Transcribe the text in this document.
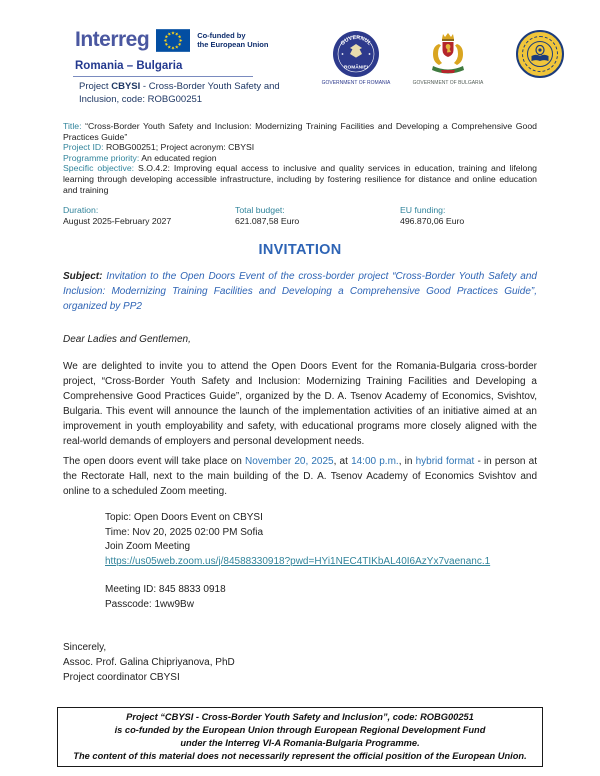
Interreg	Co-funded by
the European Union
Romania – Bulgaria
Project CBYSI - Cross-Border Youth Safety and Inclusion, code: ROBG00251
GUVERNUL
ROMÂNIEI
GOVERNMENT OF ROMANIA	GOVERNMENT OF BULGARIA
Title: “Cross-Border Youth Safety and Inclusion: Modernizing Training Facilities and Developing a Comprehensive Good Practices Guide”
Project ID: ROBG00251; Project acronym: CBYSI
Programme priority: An educated region
Specific objective: S.O.4.2: Improving equal access to inclusive and quality services in education, training and lifelong learning through developing accessible infrastructure, including by fostering resilience for distance and online education and training
Duration:
August 2025-February 2027
Total budget:
621.087,58 Euro
EU funding:
496.870,06 Euro
INVITATION
Subject: Invitation to the Open Doors Event of the cross-border project “Cross-Border Youth Safety and Inclusion: Modernizing Training Facilities and Developing a Comprehensive Good Practices Guide”, organized by PP2
Dear Ladies and Gentlemen,
We are delighted to invite you to attend the Open Doors Event for the Romania-Bulgaria cross-border project, “Cross-Border Youth Safety and Inclusion: Modernizing Training Facilities and Developing a Comprehensive Good Practices Guide”, organized by the D. A. Tsenov Academy of Economics, Svishtov, Bulgaria. This event will announce the launch of the implementation activities of an initiative aimed at an improvement in youth employability and safety, with educational programs more closely aligned with the real-world demands of employers and personal development needs.
The open doors event will take place on November 20, 2025, at 14:00 p.m., in hybrid format - in person at the Rectorate Hall, next to the main building of the D. A. Tsenov Academy of Economics Svishtov and online to a scheduled Zoom meeting.
Topic: Open Doors Event on CBYSI
Time: Nov 20, 2025 02:00 PM Sofia
Join Zoom Meeting
https://us05web.zoom.us/j/84588330918?pwd=HYi1NEC4TIKbAL40I6AzYx7vaenanc.1
Meeting ID: 845 8833 0918
Passcode: 1ww9Bw
Sincerely,
Assoc. Prof. Galina Chipriyanova, PhD
Project coordinator CBYSI
Project “CBYSI - Cross-Border Youth Safety and Inclusion”, code: ROBG00251
is co-funded by the European Union through European Regional Development Fund
under the Interreg VI-A Romania-Bulgaria Programme.
The content of this material does not necessarily represent the official position of the European Union.
